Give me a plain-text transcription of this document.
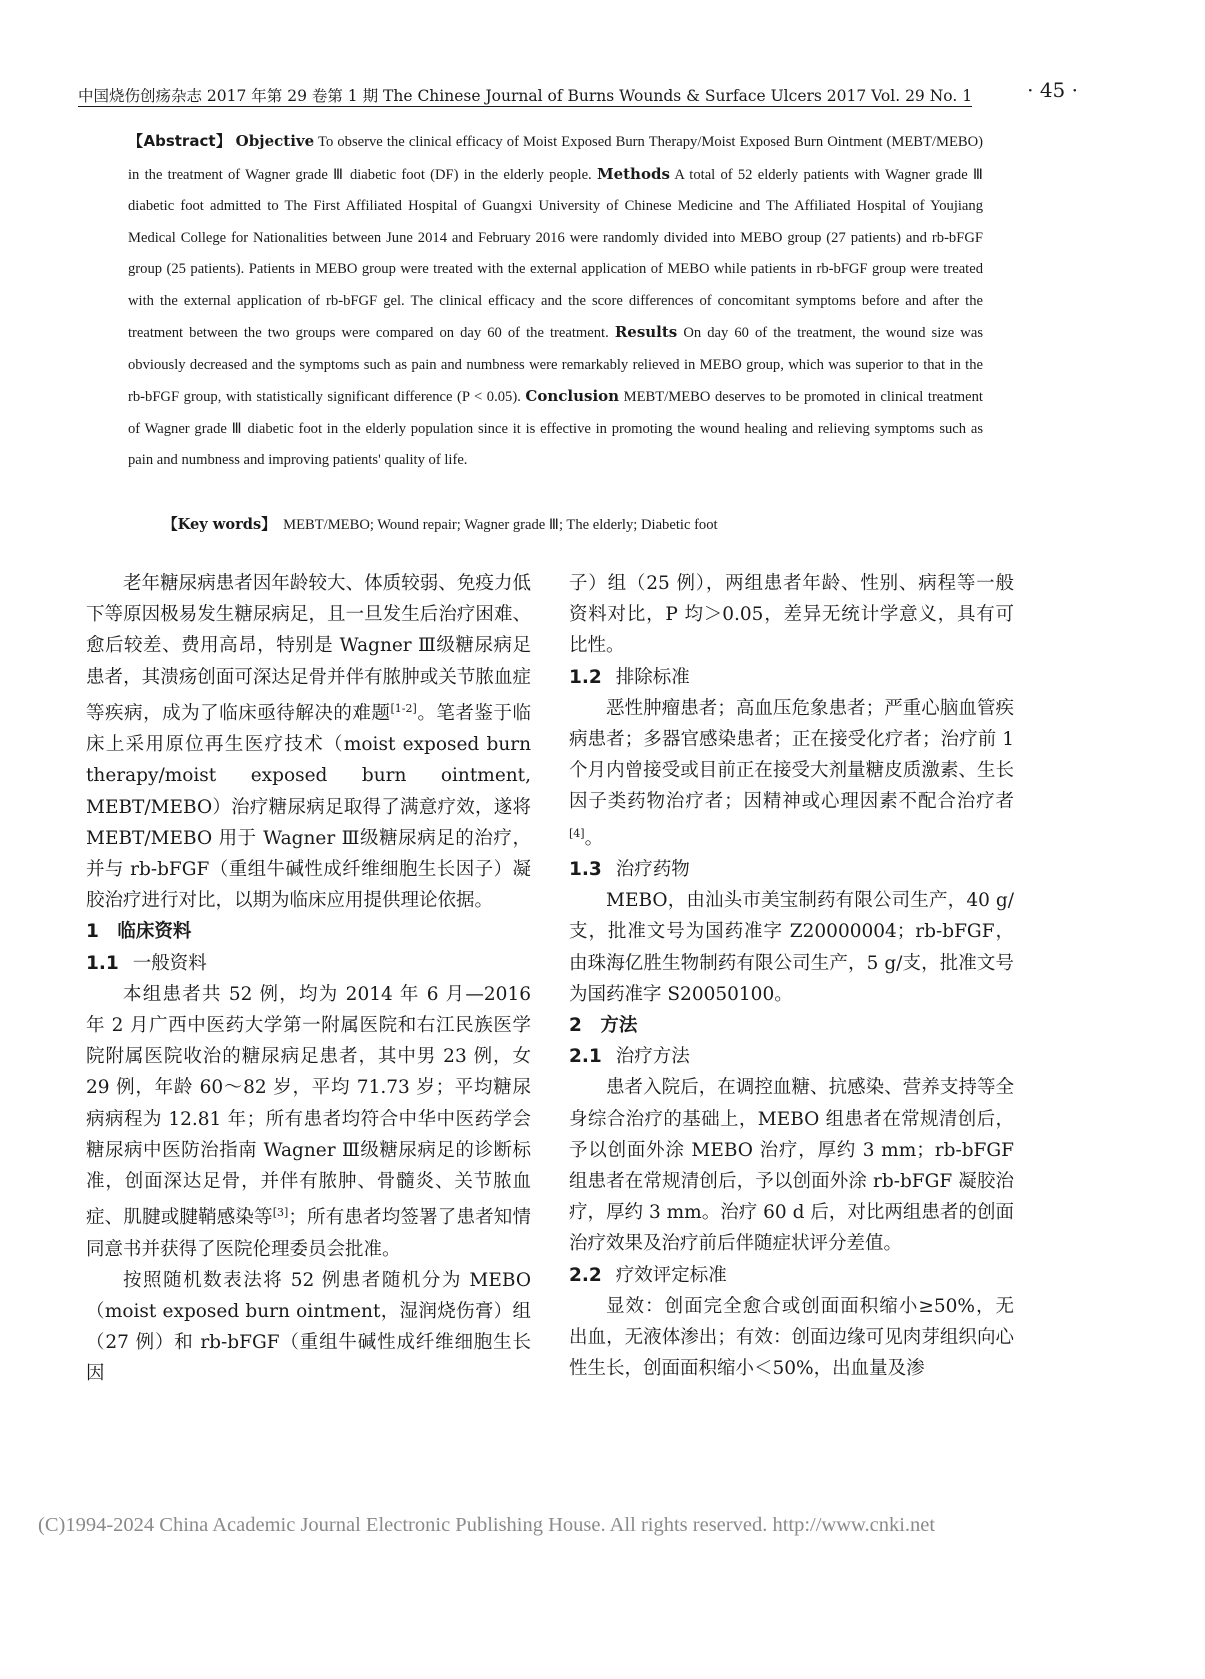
中国烧伤创疡杂志 2017 年第 29 卷第 1 期 The Chinese Journal of Burns Wounds & Surface Ulcers 2017 Vol. 29 No. 1	· 45 ·
【Abstract】 Objective To observe the clinical efficacy of Moist Exposed Burn Therapy/Moist Exposed Burn Ointment (MEBT/MEBO) in the treatment of Wagner grade Ⅲ diabetic foot (DF) in the elderly people. Methods A total of 52 elderly patients with Wagner grade Ⅲ diabetic foot admitted to The First Affiliated Hospital of Guangxi University of Chinese Medicine and The Affiliated Hospital of Youjiang Medical College for Nationalities between June 2014 and February 2016 were randomly divided into MEBO group (27 patients) and rb-bFGF group (25 patients). Patients in MEBO group were treated with the external application of MEBO while patients in rb-bFGF group were treated with the external application of rb-bFGF gel. The clinical efficacy and the score differences of concomitant symptoms before and after the treatment between the two groups were compared on day 60 of the treatment. Results On day 60 of the treatment, the wound size was obviously decreased and the symptoms such as pain and numbness were remarkably relieved in MEBO group, which was superior to that in the rb-bFGF group, with statistically significant difference (P < 0.05). Conclusion MEBT/MEBO deserves to be promoted in clinical treatment of Wagner grade Ⅲ diabetic foot in the elderly population since it is effective in promoting the wound healing and relieving symptoms such as pain and numbness and improving patients' quality of life.
【Key words】 MEBT/MEBO; Wound repair; Wagner grade Ⅲ; The elderly; Diabetic foot

老年糖尿病患者因年龄较大、体质较弱、免疫力低下等原因极易发生糖尿病足，且一旦发生后治疗困难、愈后较差、费用高昂，特别是 Wagner Ⅲ级糖尿病足患者，其溃疡创面可深达足骨并伴有脓肿或关节脓血症等疾病，成为了临床亟待解决的难题[1-2]。笔者鉴于临床上采用原位再生医疗技术（moist exposed burn therapy/moist exposed burn ointment, MEBT/MEBO）治疗糖尿病足取得了满意疗效，遂将 MEBT/MEBO 用于 Wagner Ⅲ级糖尿病足的治疗，并与 rb-bFGF（重组牛碱性成纤维细胞生长因子）凝胶治疗进行对比，以期为临床应用提供理论依据。

1　临床资料
1.1 一般资料

本组患者共 52 例，均为 2014 年 6 月—2016 年 2 月广西中医药大学第一附属医院和右江民族医学院附属医院收治的糖尿病足患者，其中男 23 例，女 29 例，年龄 60～82 岁，平均 71.73 岁；平均糖尿病病程为 12.81 年；所有患者均符合中华中医药学会糖尿病中医防治指南 Wagner Ⅲ级糖尿病足的诊断标准，创面深达足骨，并伴有脓肿、骨髓炎、关节脓血症、肌腱或腱鞘感染等[3]；所有患者均签署了患者知情同意书并获得了医院伦理委员会批准。

按照随机数表法将 52 例患者随机分为 MEBO（moist exposed burn ointment，湿润烧伤膏）组（27 例）和 rb-bFGF（重组牛碱性成纤维细胞生长因

子）组（25 例），两组患者年龄、性别、病程等一般资料对比，P 均＞0.05，差异无统计学意义，具有可比性。

1.2 排除标准

恶性肿瘤患者；高血压危象患者；严重心脑血管疾病患者；多器官感染患者；正在接受化疗者；治疗前 1 个月内曾接受或目前正在接受大剂量糖皮质激素、生长因子类药物治疗者；因精神或心理因素不配合治疗者[4]。

1.3 治疗药物

MEBO，由汕头市美宝制药有限公司生产，40 g/支，批准文号为国药准字 Z20000004；rb-bFGF，由珠海亿胜生物制药有限公司生产，5 g/支，批准文号为国药准字 S20050100。

2　方法
2.1 治疗方法

患者入院后，在调控血糖、抗感染、营养支持等全身综合治疗的基础上，MEBO 组患者在常规清创后，予以创面外涂 MEBO 治疗，厚约 3 mm；rb-bFGF 组患者在常规清创后，予以创面外涂 rb-bFGF 凝胶治疗，厚约 3 mm。治疗 60 d 后，对比两组患者的创面治疗效果及治疗前后伴随症状评分差值。

2.2 疗效评定标准

显效：创面完全愈合或创面面积缩小≥50%，无出血，无液体渗出；有效：创面边缘可见肉芽组织向心性生长，创面面积缩小＜50%，出血量及渗

(C)1994-2024 China Academic Journal Electronic Publishing House. All rights reserved. http://www.cnki.net
